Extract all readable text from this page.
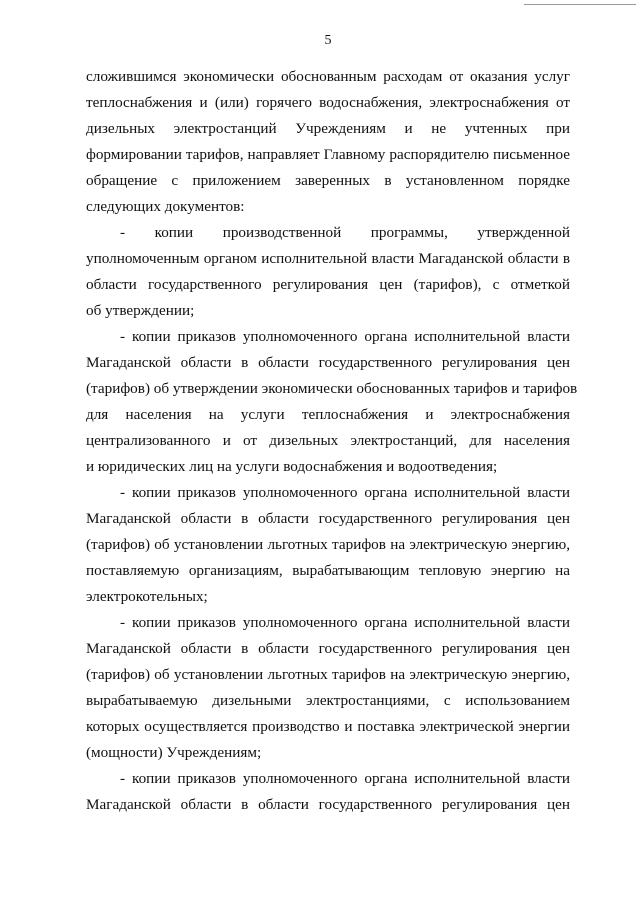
5
сложившимся экономически обоснованным расходам от оказания услуг
теплоснабжения и (или) горячего водоснабжения, электроснабжения от
дизельных электростанций Учреждениям и не учтенных при
формировании тарифов, направляет Главному распорядителю письменное
обращение с приложением заверенных в установленном порядке
следующих документов:
- копии производственной программы, утвержденной
уполномоченным органом исполнительной власти Магаданской области в
области государственного регулирования цен (тарифов), с отметкой
об утверждении;
- копии приказов уполномоченного органа исполнительной власти
Магаданской области в области государственного регулирования цен
(тарифов) об утверждении экономически обоснованных тарифов и тарифов
для населения на услуги теплоснабжения и электроснабжения
централизованного и от дизельных электростанций, для населения
и юридических лиц на услуги водоснабжения и водоотведения;
- копии приказов уполномоченного органа исполнительной власти
Магаданской области в области государственного регулирования цен
(тарифов) об установлении льготных тарифов на электрическую энергию,
поставляемую организациям, вырабатывающим тепловую энергию на
электрокотельных;
- копии приказов уполномоченного органа исполнительной власти
Магаданской области в области государственного регулирования цен
(тарифов) об установлении льготных тарифов на электрическую энергию,
вырабатываемую дизельными электростанциями, с использованием
которых осуществляется производство и поставка электрической энергии
(мощности) Учреждениям;
- копии приказов уполномоченного органа исполнительной власти
Магаданской области в области государственного регулирования цен
